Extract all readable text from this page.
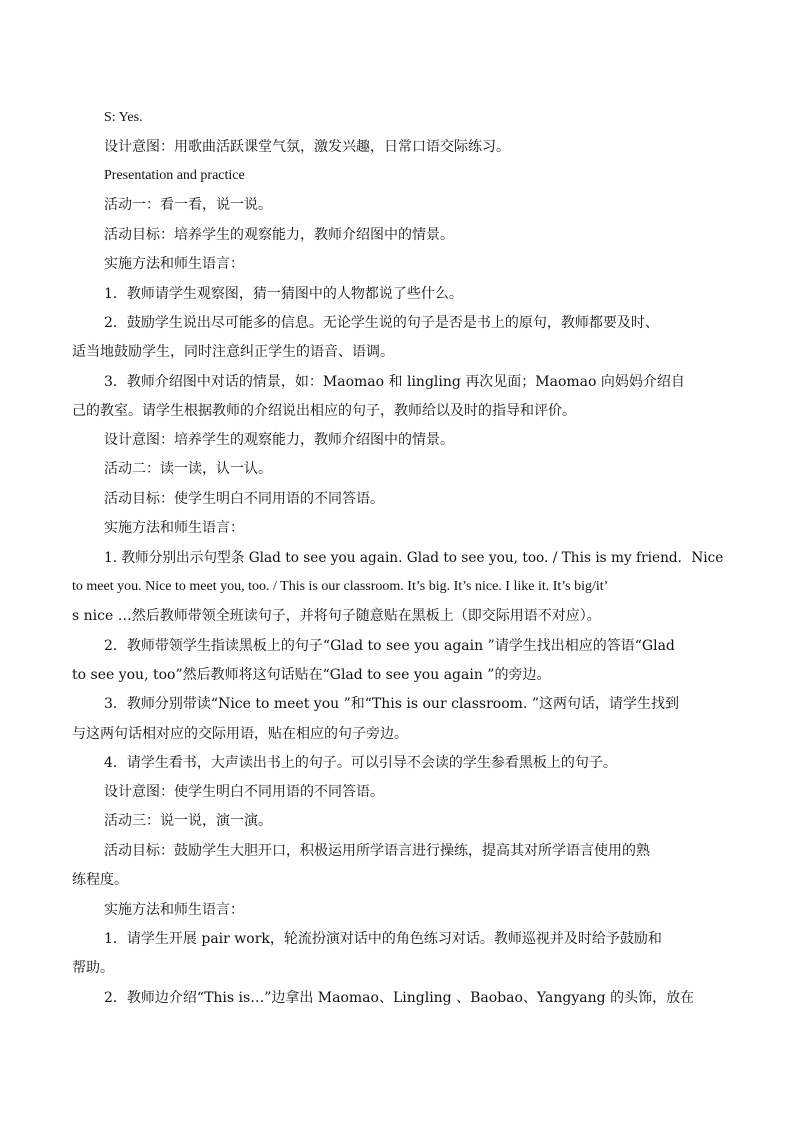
S: Yes.
设计意图：用歌曲活跃课堂气氛，激发兴趣，日常口语交际练习。
Presentation and practice
活动一：看一看，说一说。
活动目标：培养学生的观察能力，教师介绍图中的情景。
实施方法和师生语言：
1．教师请学生观察图，猜一猜图中的人物都说了些什么。
2．鼓励学生说出尽可能多的信息。无论学生说的句子是否是书上的原句，教师都要及时、
适当地鼓励学生，同时注意纠正学生的语音、语调。
3．教师介绍图中对话的情景，如：Maomao 和 lingling 再次见面；Maomao 向妈妈介绍自
己的教室。请学生根据教师的介绍说出相应的句子，教师给以及时的指导和评价。
设计意图：培养学生的观察能力，教师介绍图中的情景。
活动二：读一读，认一认。
活动目标：使学生明白不同用语的不同答语。
实施方法和师生语言：
1. 教师分别出示句型条 Glad to see you again. Glad to see you, too. / This is my friend．Nice
to meet you. Nice to meet you, too. / This is our classroom. It’s big. It’s nice. I like it. It’s big/it’
s nice …然后教师带领全班读句子，并将句子随意贴在黑板上（即交际用语不对应）。
2．教师带领学生指读黑板上的句子“Glad to see you again ”请学生找出相应的答语“Glad
to see you, too”然后教师将这句话贴在“Glad to see you again ”的旁边。
3．教师分别带读“Nice to meet you ”和“This is our classroom. ”这两句话，请学生找到
与这两句话相对应的交际用语，贴在相应的句子旁边。
4．请学生看书，大声读出书上的句子。可以引导不会读的学生参看黑板上的句子。
设计意图：使学生明白不同用语的不同答语。
活动三：说一说，演一演。
活动目标：鼓励学生大胆开口，积极运用所学语言进行操练，提高其对所学语言使用的熟
练程度。
实施方法和师生语言：
1．请学生开展 pair work，轮流扮演对话中的角色练习对话。教师巡视并及时给予鼓励和
帮助。
2．教师边介绍“This is…”边拿出 Maomao、Lingling 、Baobao、Yangyang 的头饰，放在
